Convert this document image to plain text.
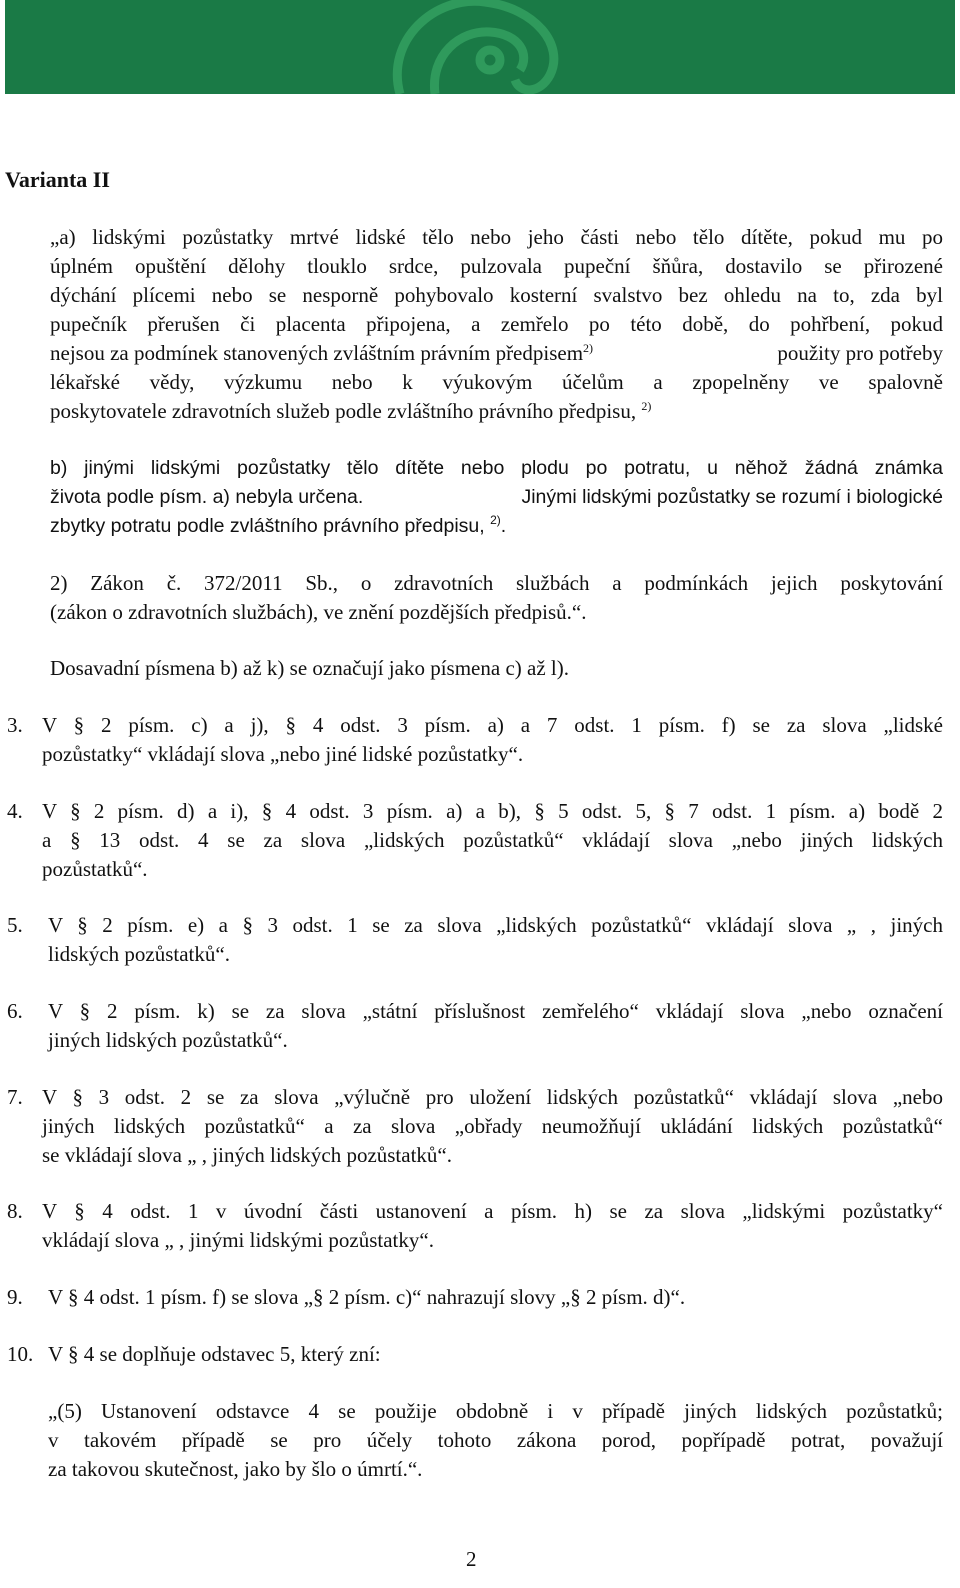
Varianta II
„a) lidskými pozůstatky mrtvé lidské tělo nebo jeho části nebo tělo dítěte, pokud mu po
úplném opuštění dělohy tlouklo srdce, pulzovala pupeční šňůra, dostavilo se přirozené
dýchání plícemi nebo se nesporně pohybovalo kosterní svalstvo bez ohledu na to, zda byl
pupečník přerušen či placenta připojena, a zemřelo po této době, do pohřbení, pokud
nejsou za podmínek stanovených zvláštním právním předpisem$^{2)}$	použity pro potřeby
lékařské vědy, výzkumu nebo k výukovým účelům a zpopelněny ve spalovně
poskytovatele zdravotních služeb podle zvláštního právního předpisu, $^{2)}$
b) jinými lidskými pozůstatky tělo dítěte nebo plodu po potratu, u něhož žádná známka
života podle písm. a) nebyla určena.	Jinými lidskými pozůstatky se rozumí i biologické
zbytky potratu podle zvláštního právního předpisu, $^{2)}$.
2) Zákon č. 372/2011 Sb., o zdravotních službách a podmínkách jejich poskytování
(zákon o zdravotních službách), ve znění pozdějších předpisů.“.
Dosavadní písmena b) až k) se označují jako písmena c) až l).
3. V § 2 písm. c) a j), § 4 odst. 3 písm. a) a 7 odst. 1 písm. f) se za slova „lidské
pozůstatky“ vkládají slova „nebo jiné lidské pozůstatky“.
4. V § 2 písm. d) a i), § 4 odst. 3 písm. a) a b), § 5 odst. 5, § 7 odst. 1 písm. a) bodě 2
a § 13 odst. 4 se za slova „lidských pozůstatků“ vkládají slova „nebo jiných lidských
pozůstatků“.
5. V § 2 písm. e) a § 3 odst. 1 se za slova „lidských pozůstatků“ vkládají slova „ , jiných
lidských pozůstatků“.
6. V § 2 písm. k) se za slova „státní příslušnost zemřelého“ vkládají slova „nebo označení
jiných lidských pozůstatků“.
7. V § 3 odst. 2 se za slova „výlučně pro uložení lidských pozůstatků“ vkládají slova „nebo
jiných lidských pozůstatků“ a za slova „obřady neumožňují ukládání lidských pozůstatků“
se vkládají slova „ , jiných lidských pozůstatků“.
8. V § 4 odst. 1 v úvodní části ustanovení a písm. h) se za slova „lidskými pozůstatky“
vkládají slova „ , jinými lidskými pozůstatky“.
9. V § 4 odst. 1 písm. f) se slova „§ 2 písm. c)“ nahrazují slovy „§ 2 písm. d)“.
10. V § 4 se doplňuje odstavec 5, který zní:
„(5) Ustanovení odstavce 4 se použije obdobně i v případě jiných lidských pozůstatků;
v takovém případě se pro účely tohoto zákona porod, popřípadě potrat, považují
za takovou skutečnost, jako by šlo o úmrtí.“.
2
